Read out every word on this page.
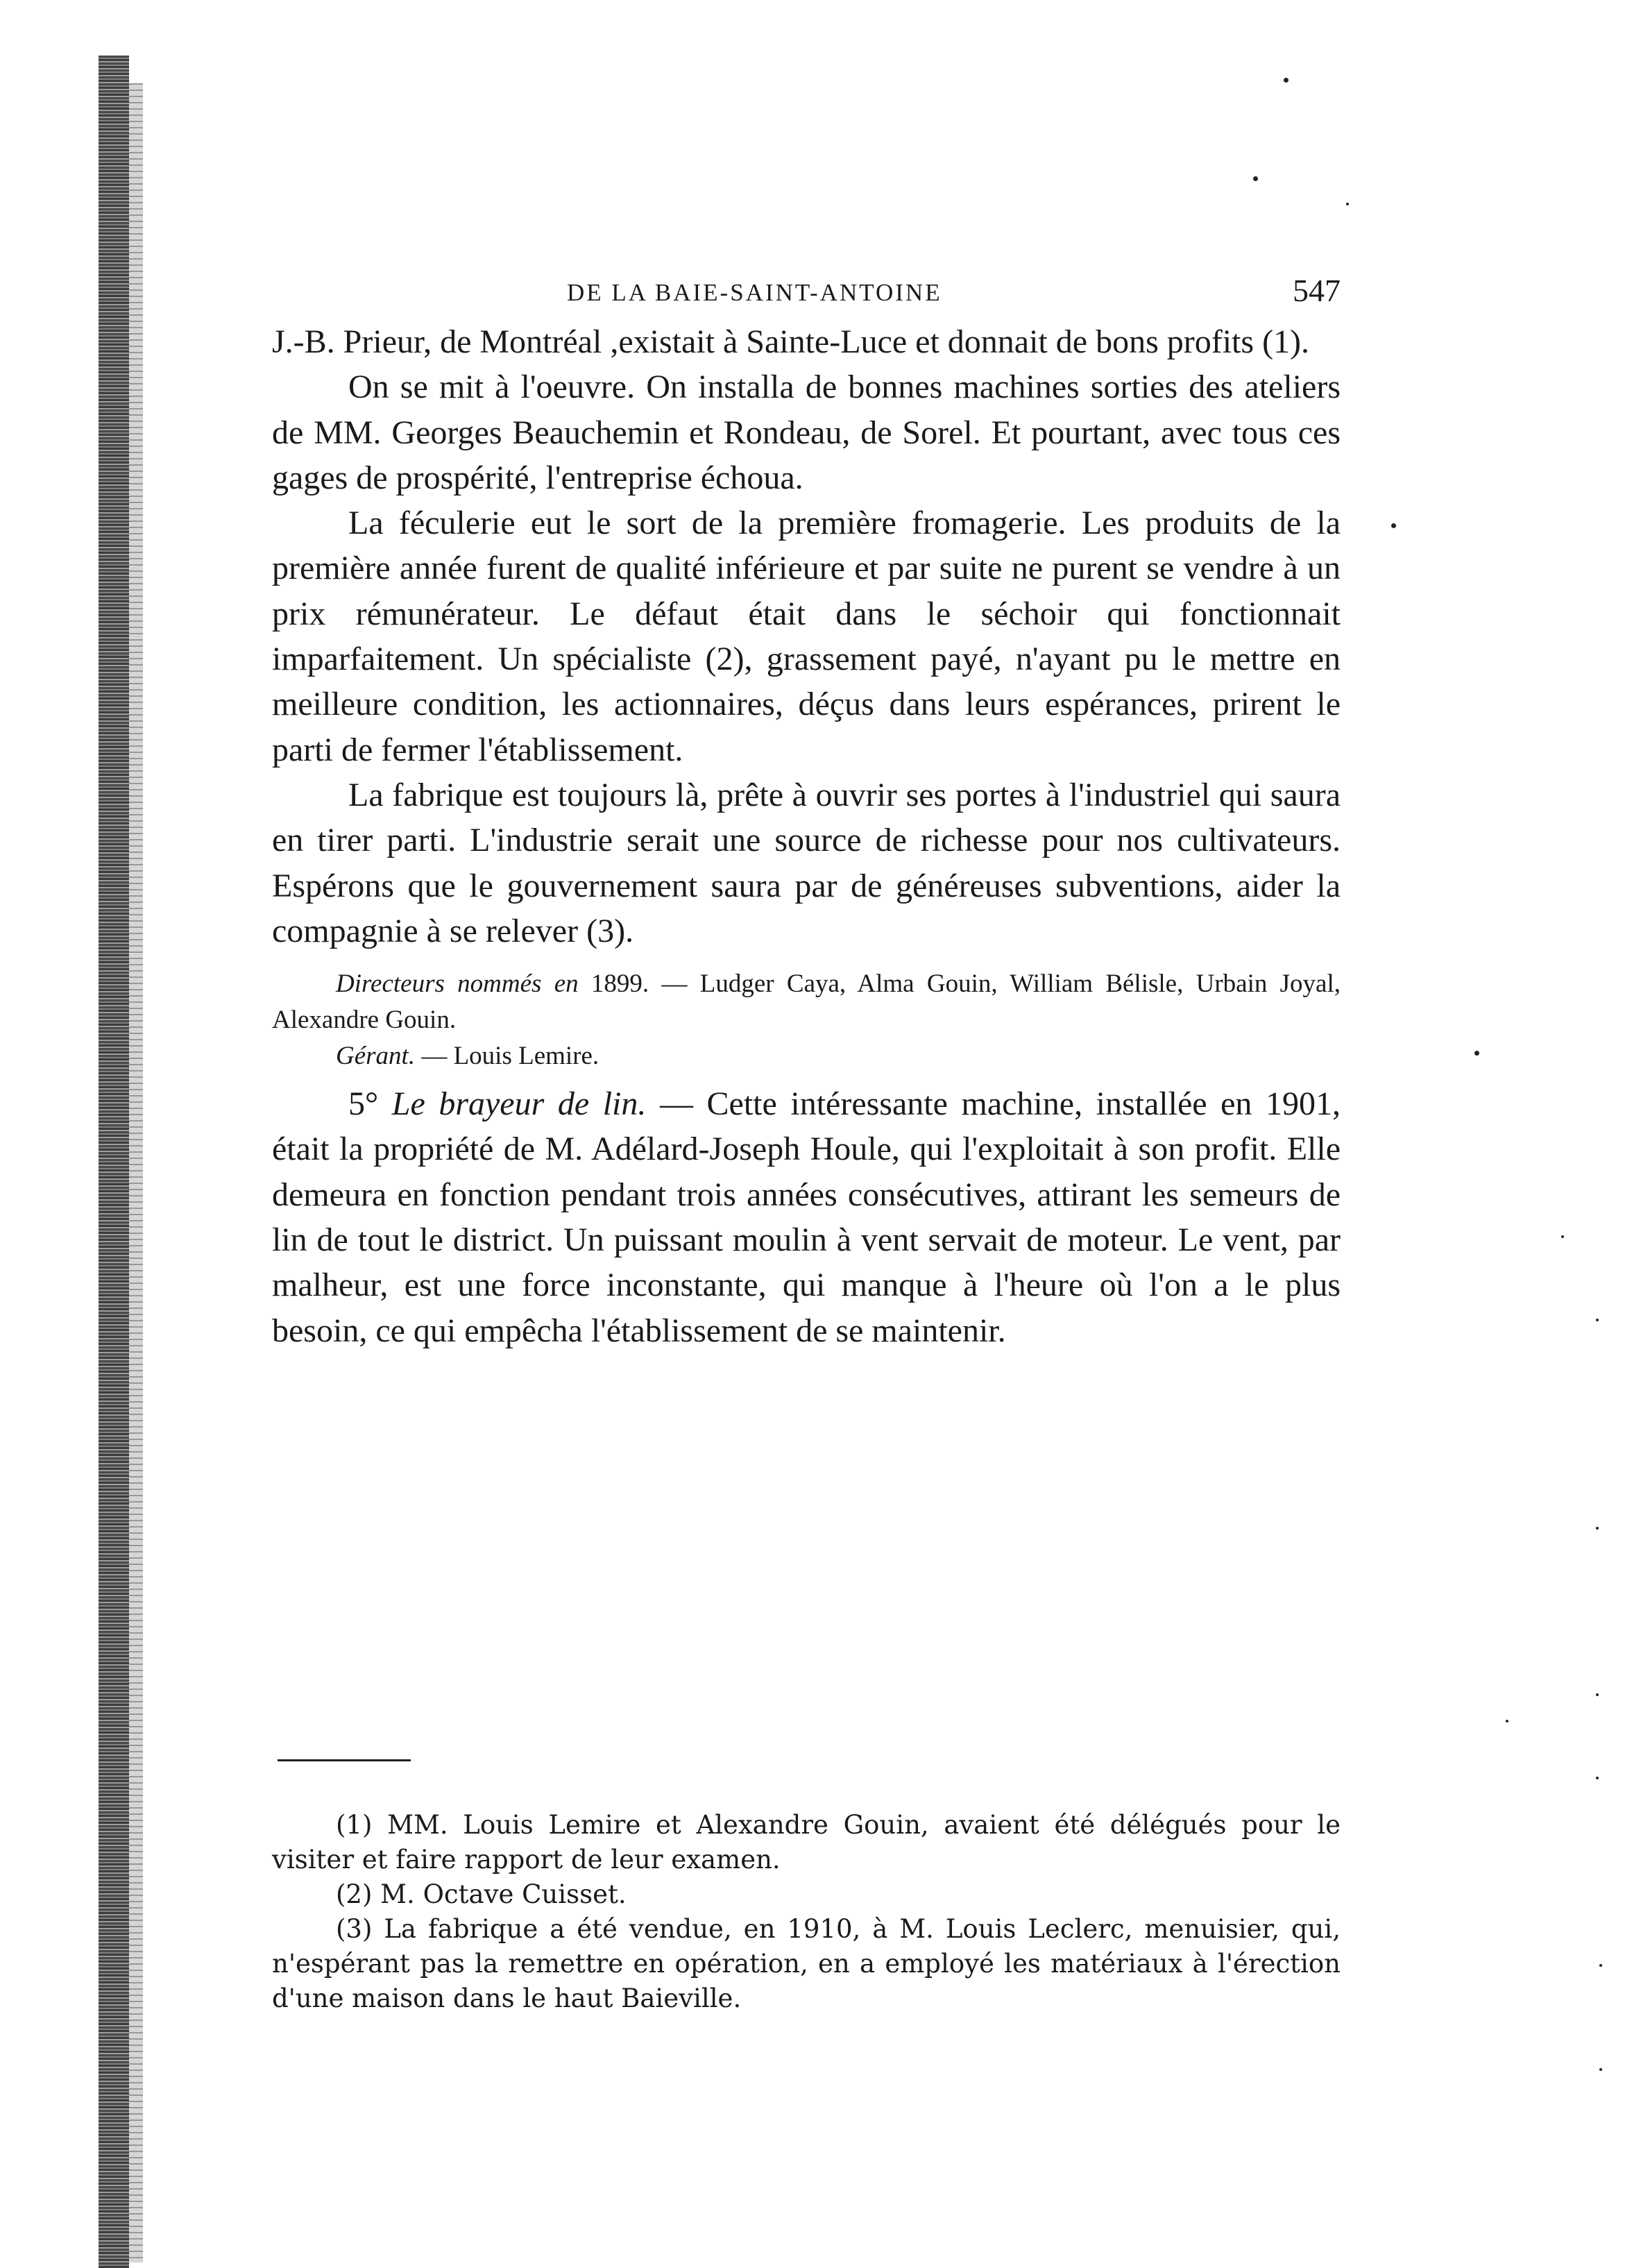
DE LA BAIE-SAINT-ANTOINE	547

J.-B. Prieur, de Montréal ,existait à Sainte-Luce et donnait de bons profits (1).

On se mit à l'oeuvre. On installa de bonnes machines sorties des ateliers de MM. Georges Beauchemin et Rondeau, de Sorel. Et pourtant, avec tous ces gages de prospérité, l'entreprise échoua.

La féculerie eut le sort de la première fromagerie. Les produits de la première année furent de qualité inférieure et par suite ne purent se vendre à un prix rémunérateur. Le défaut était dans le séchoir qui fonctionnait imparfaitement. Un spécialiste (2), grassement payé, n'ayant pu le mettre en meilleure condition, les actionnaires, déçus dans leurs espérances, prirent le parti de fermer l'établissement.

La fabrique est toujours là, prête à ouvrir ses portes à l'industriel qui saura en tirer parti. L'industrie serait une source de richesse pour nos cultivateurs. Espérons que le gouvernement saura par de généreuses subventions, aider la compagnie à se relever (3).

Directeurs nommés en 1899. — Ludger Caya, Alma Gouin, William Bélisle, Urbain Joyal, Alexandre Gouin.

Gérant. — Louis Lemire.

5° Le brayeur de lin. — Cette intéressante machine, installée en 1901, était la propriété de M. Adélard-Joseph Houle, qui l'exploitait à son profit. Elle demeura en fonction pendant trois années consécutives, attirant les semeurs de lin de tout le district. Un puissant moulin à vent servait de moteur. Le vent, par malheur, est une force inconstante, qui manque à l'heure où l'on a le plus besoin, ce qui empêcha l'établissement de se maintenir.

(1) MM. Louis Lemire et Alexandre Gouin, avaient été délégués pour le visiter et faire rapport de leur examen.

(2) M. Octave Cuisset.

(3) La fabrique a été vendue, en 1910, à M. Louis Leclerc, menuisier, qui, n'espérant pas la remettre en opération, en a employé les matériaux à l'érection d'une maison dans le haut Baieville.
